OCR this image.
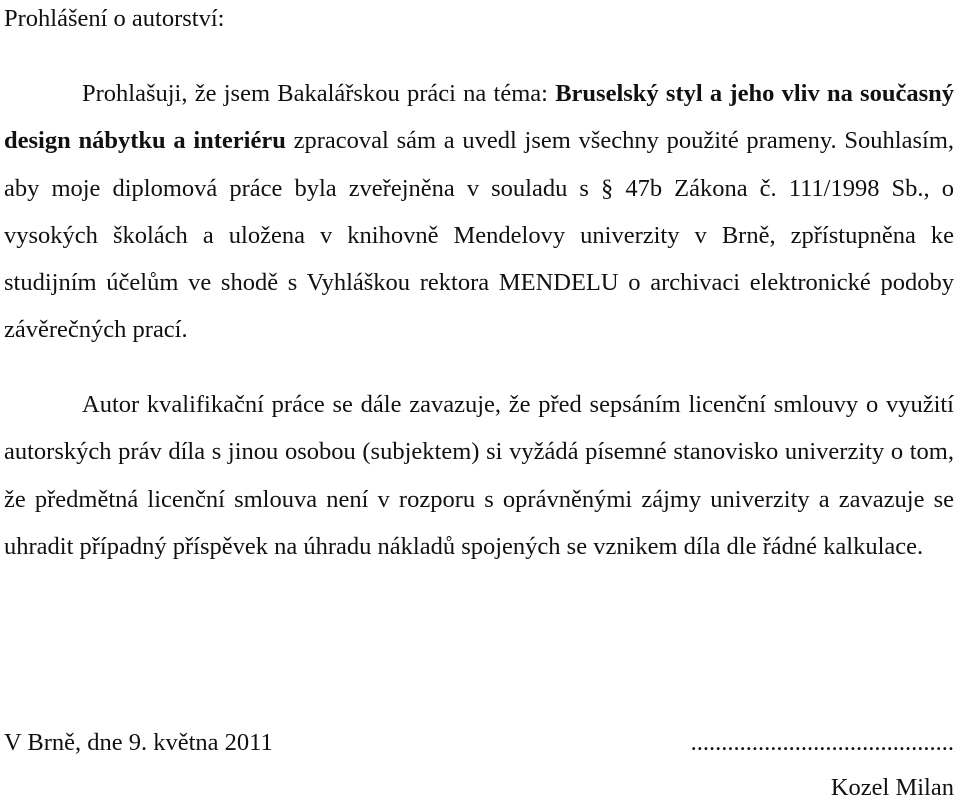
Prohlášení o autorství:

Prohlašuji, že jsem Bakalářskou práci na téma: Bruselský styl a jeho vliv na současný design nábytku a interiéru zpracoval sám a uvedl jsem všechny použité prameny. Souhlasím, aby moje diplomová práce byla zveřejněna v souladu s § 47b Zákona č. 111/1998 Sb., o vysokých školách a uložena v knihovně Mendelovy univerzity v Brně, zpřístupněna ke studijním účelům ve shodě s Vyhláškou rektora MENDELU o archivaci elektronické podoby závěrečných prací.

Autor kvalifikační práce se dále zavazuje, že před sepsáním licenční smlouvy o využití autorských práv díla s jinou osobou (subjektem) si vyžádá písemné stanovisko univerzity o tom, že předmětná licenční smlouva není v rozporu s oprávněnými zájmy univerzity a zavazuje se uhradit případný příspěvek na úhradu nákladů spojených se vznikem díla dle řádné kalkulace.

V Brně, dne 9. května 2011	...........................................
Kozel Milan
